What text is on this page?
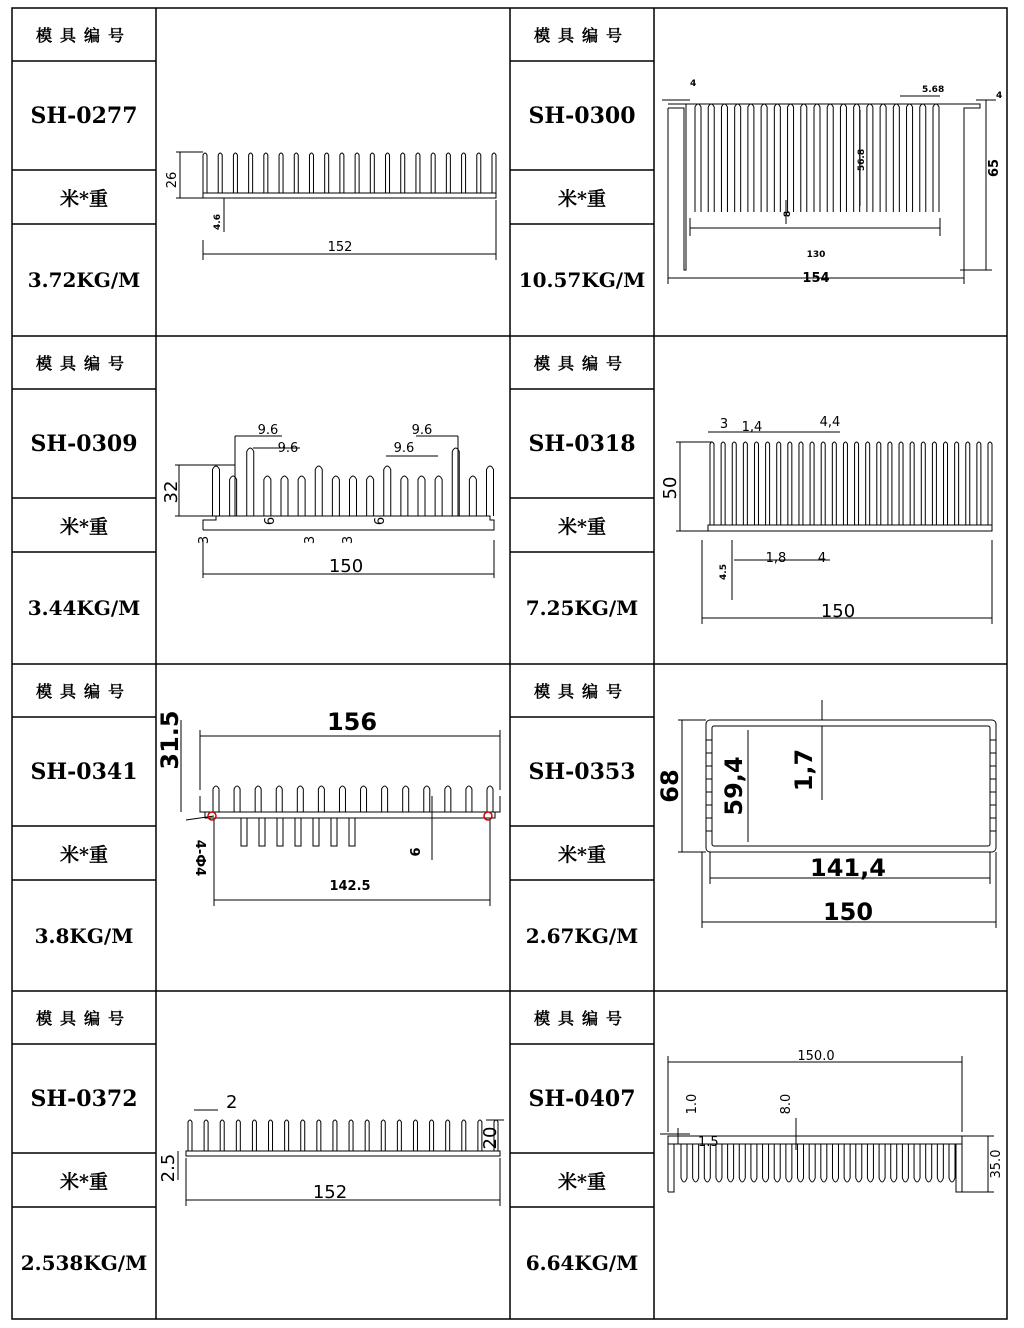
模具编号
SH-0277
米*重
3.72KG/M
模具编号
SH-0309
米*重
3.44KG/M
模具编号
SH-0341
米*重
3.8KG/M
模具编号
SH-0372
米*重
2.538KG/M
模具编号
SH-0300
米*重
10.57KG/M
模具编号
SH-0318
米*重
7.25KG/M
模具编号
SH-0353
米*重
2.67KG/M
模具编号
SH-0407
米*重
6.64KG/M
26
4.6
152
4
5.68
4
56.8	65
8
130
154
9.6
9.6
9.6
9.6
32
6	6
3	3 3
150
3 1,4	4,4
50
1,8 4
4.5
150
156
31.5
4-Ф4	6
142.5
1,7
68 59,4
141,4
150
2
20
2.5
152
150.0
1.0	8.0
1.5
35.0
